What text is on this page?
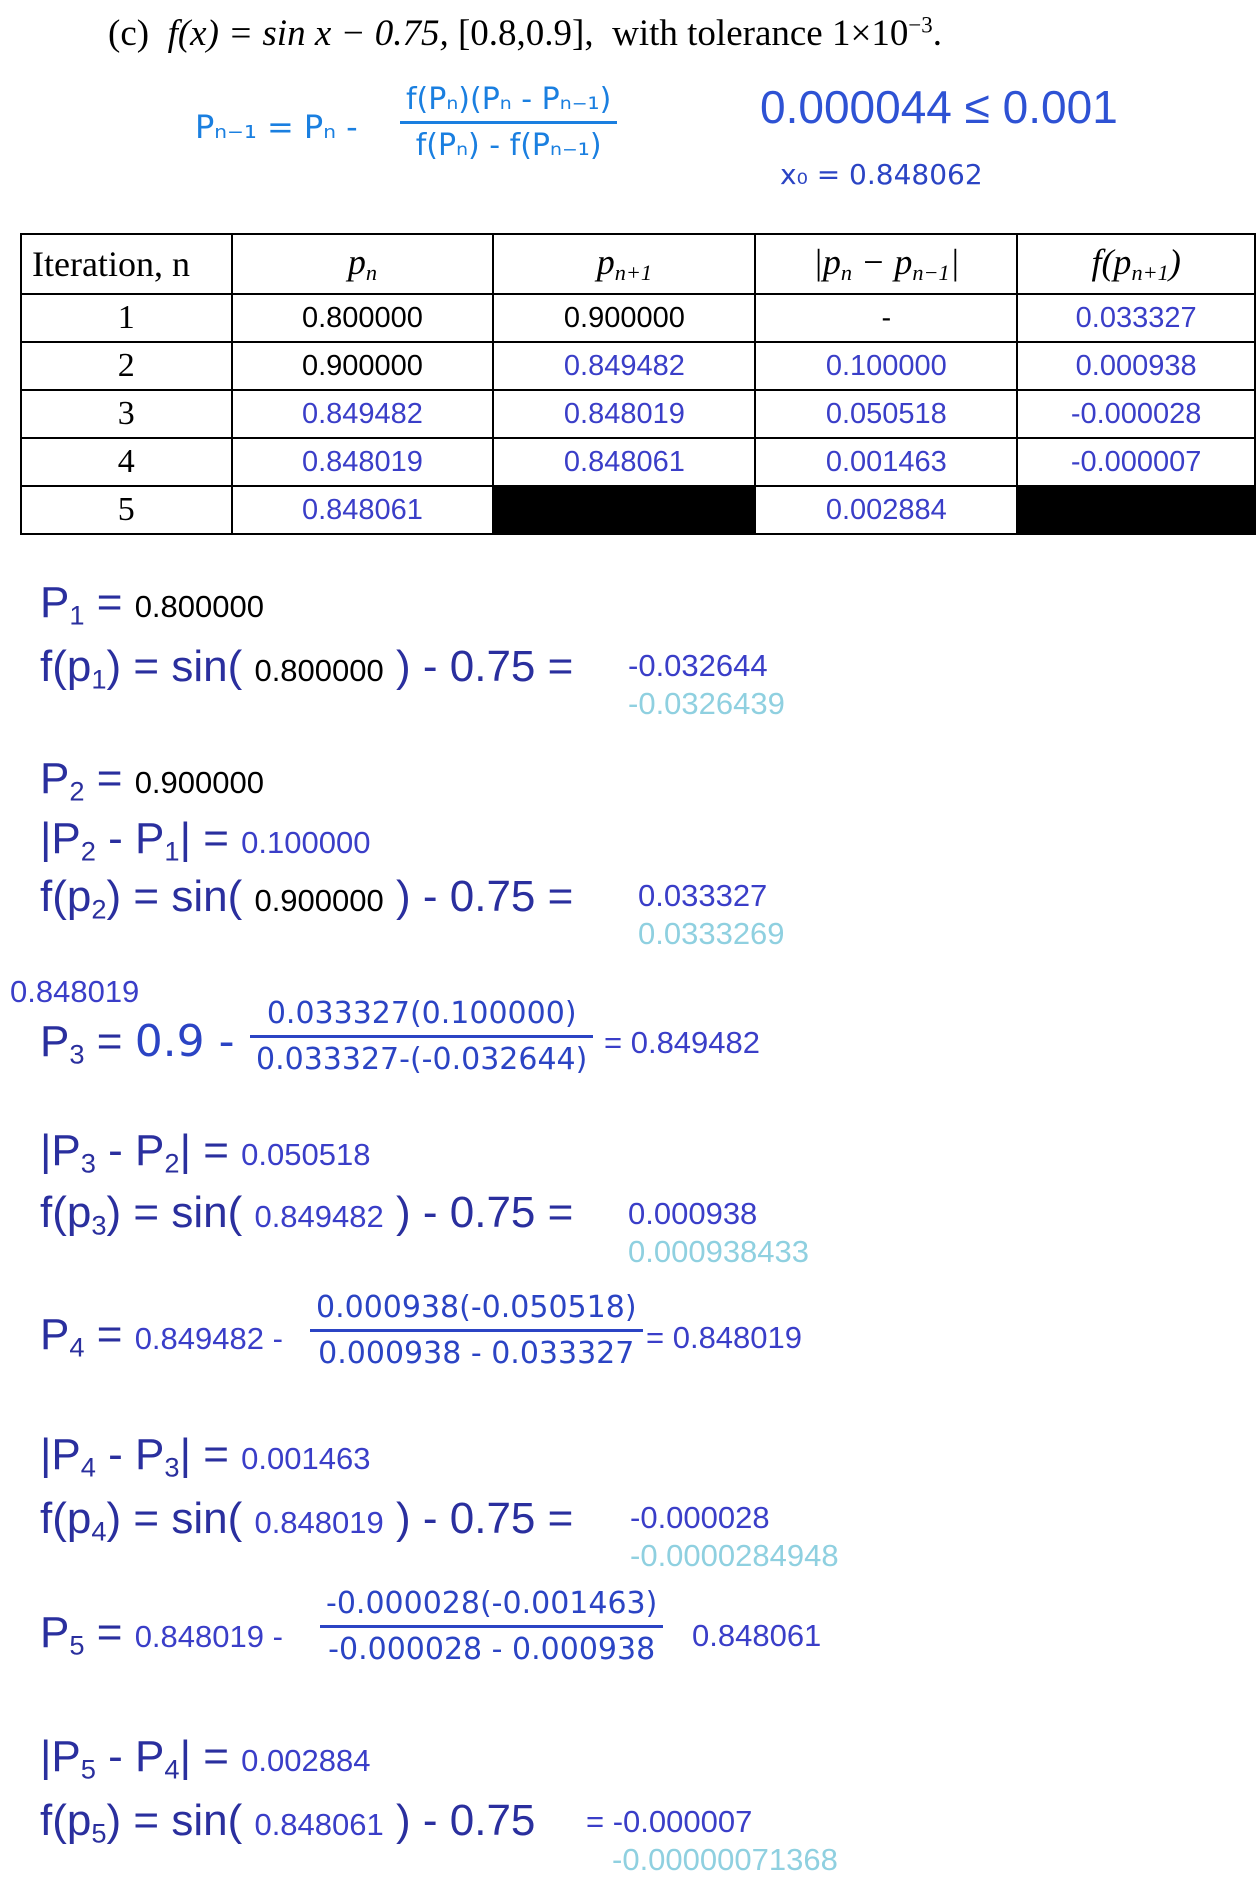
(c) f(x) = sin x − 0.75, [0.8,0.9], with tolerance $1\times 10^{-3}$.
Pₙ₋₁ = Pₙ -
f(Pₙ)(Pₙ - Pₙ₋₁)
f(Pₙ) - f(Pₙ₋₁)
0.000044 ≤ 0.001
x₀ = 0.848062
Iteration, n	$p_n$	$p_{n+1}$	$|p_n - p_{n-1}|$	$f(p_{n+1})$
1	0.800000	0.900000	-	0.033327
2	0.900000	0.849482	0.100000	0.000938
3	0.849482	0.848019	0.050518	-0.000028
4	0.848019	0.848061	0.001463	-0.000007
5	0.848061		0.002884	
$P_1 = 0.800000$
$f(p_1) = \sin$( 0.800000 ) - 0.75 = -0.032644
-0.0326439
$P_2 = 0.900000$
$|P_2 - P_1| = 0.100000$
$f(p_2) = \sin$( 0.900000 ) - 0.75 = 0.033327
0.0333269
0.848019
$P_3 = 0.9$ -
0.033327(0.100000)
0.033327-(-0.032644) = 0.849482
$|P_3 - P_2| = 0.050518$
$f(p_3) = \sin$( 0.849482 ) - 0.75 = 0.000938
0.000938433
$P_4 = 0.849482$ -
0.000938(-0.050518)
0.000938 - 0.033327 = 0.848019
$|P_4 - P_3| = 0.001463$
$f(p_4) = \sin$( 0.848019 ) - 0.75 = -0.000028
-0.0000284948
$P_5 = 0.848019$ -
-0.000028(-0.001463)
-0.000028 - 0.000938 0.848061
$|P_5 - P_4| = 0.002884$
$f(p_5) = \sin$( 0.848061 ) - 0.75 = -0.000007
-0.00000071368
